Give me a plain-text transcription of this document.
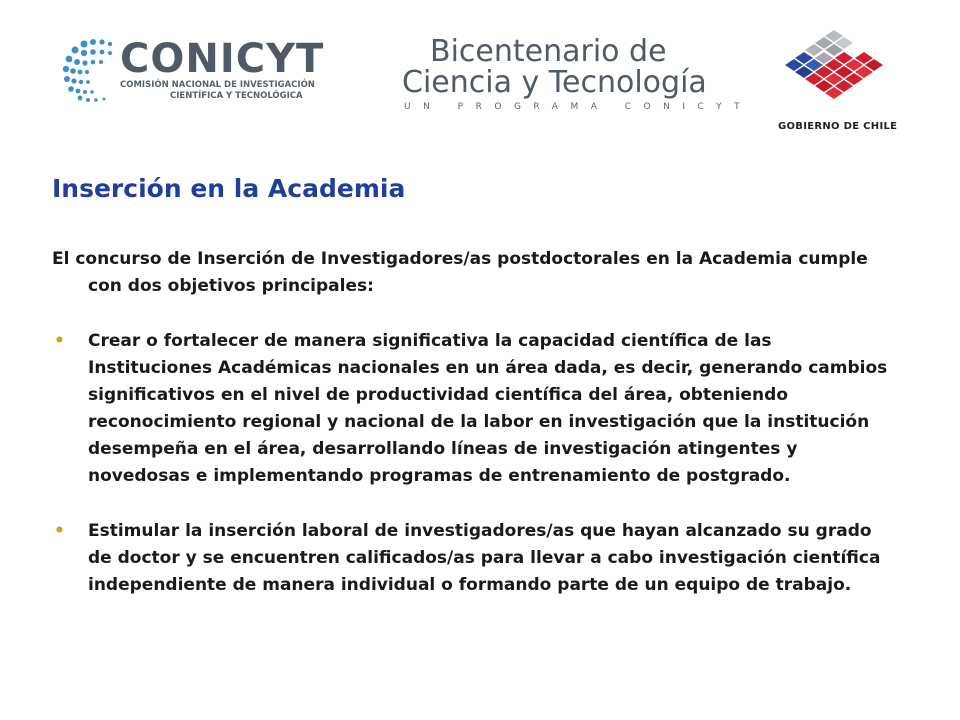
CONICYT
COMISIÓN NACIONAL DE INVESTIGACIÓN
CIENTÍFICA Y TECNOLÓGICA
Bicentenario de
Ciencia y Tecnología
UN PROGRAMA CONICYT
GOBIERNO DE CHILE
Inserción en la Academia

El concurso de Inserción de Investigadores/as postdoctorales en la Academia cumple con dos objetivos principales:

• Crear o fortalecer de manera significativa la capacidad científica de las Instituciones Académicas nacionales en un área dada, es decir, generando cambios significativos en el nivel de productividad científica del área, obteniendo reconocimiento regional y nacional de la labor en investigación que la institución desempeña en el área, desarrollando líneas de investigación atingentes y novedosas e implementando programas de entrenamiento de postgrado.
• Estimular la inserción laboral de investigadores/as que hayan alcanzado su grado de doctor y se encuentren calificados/as para llevar a cabo investigación científica independiente de manera individual o formando parte de un equipo de trabajo.
